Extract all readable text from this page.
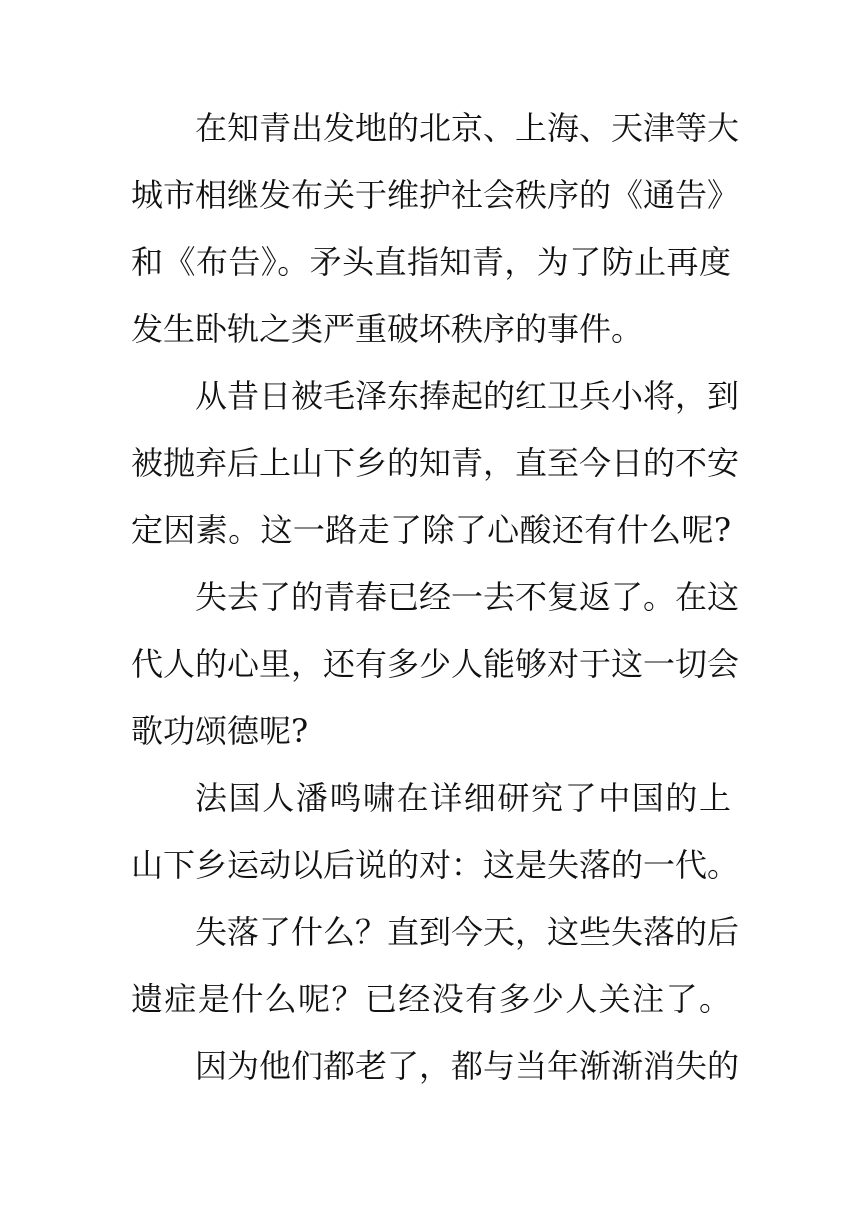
在知青出发地的北京、上海、天津等大
城市相继发布关于维护社会秩序的《通告》
和《布告》。矛头直指知青，为了防止再度
发生卧轨之类严重破坏秩序的事件。
从昔日被毛泽东捧起的红卫兵小将，到
被抛弃后上山下乡的知青，直至今日的不安
定因素。这一路走了除了心酸还有什么呢?
失去了的青春已经一去不复返了。在这
代人的心里，还有多少人能够对于这一切会
歌功颂德呢?
法国人潘鸣啸在详细研究了中国的上
山下乡运动以后说的对：这是失落的一代。
失落了什么？直到今天，这些失落的后
遗症是什么呢？已经没有多少人关注了。
因为他们都老了，都与当年渐渐消失的
